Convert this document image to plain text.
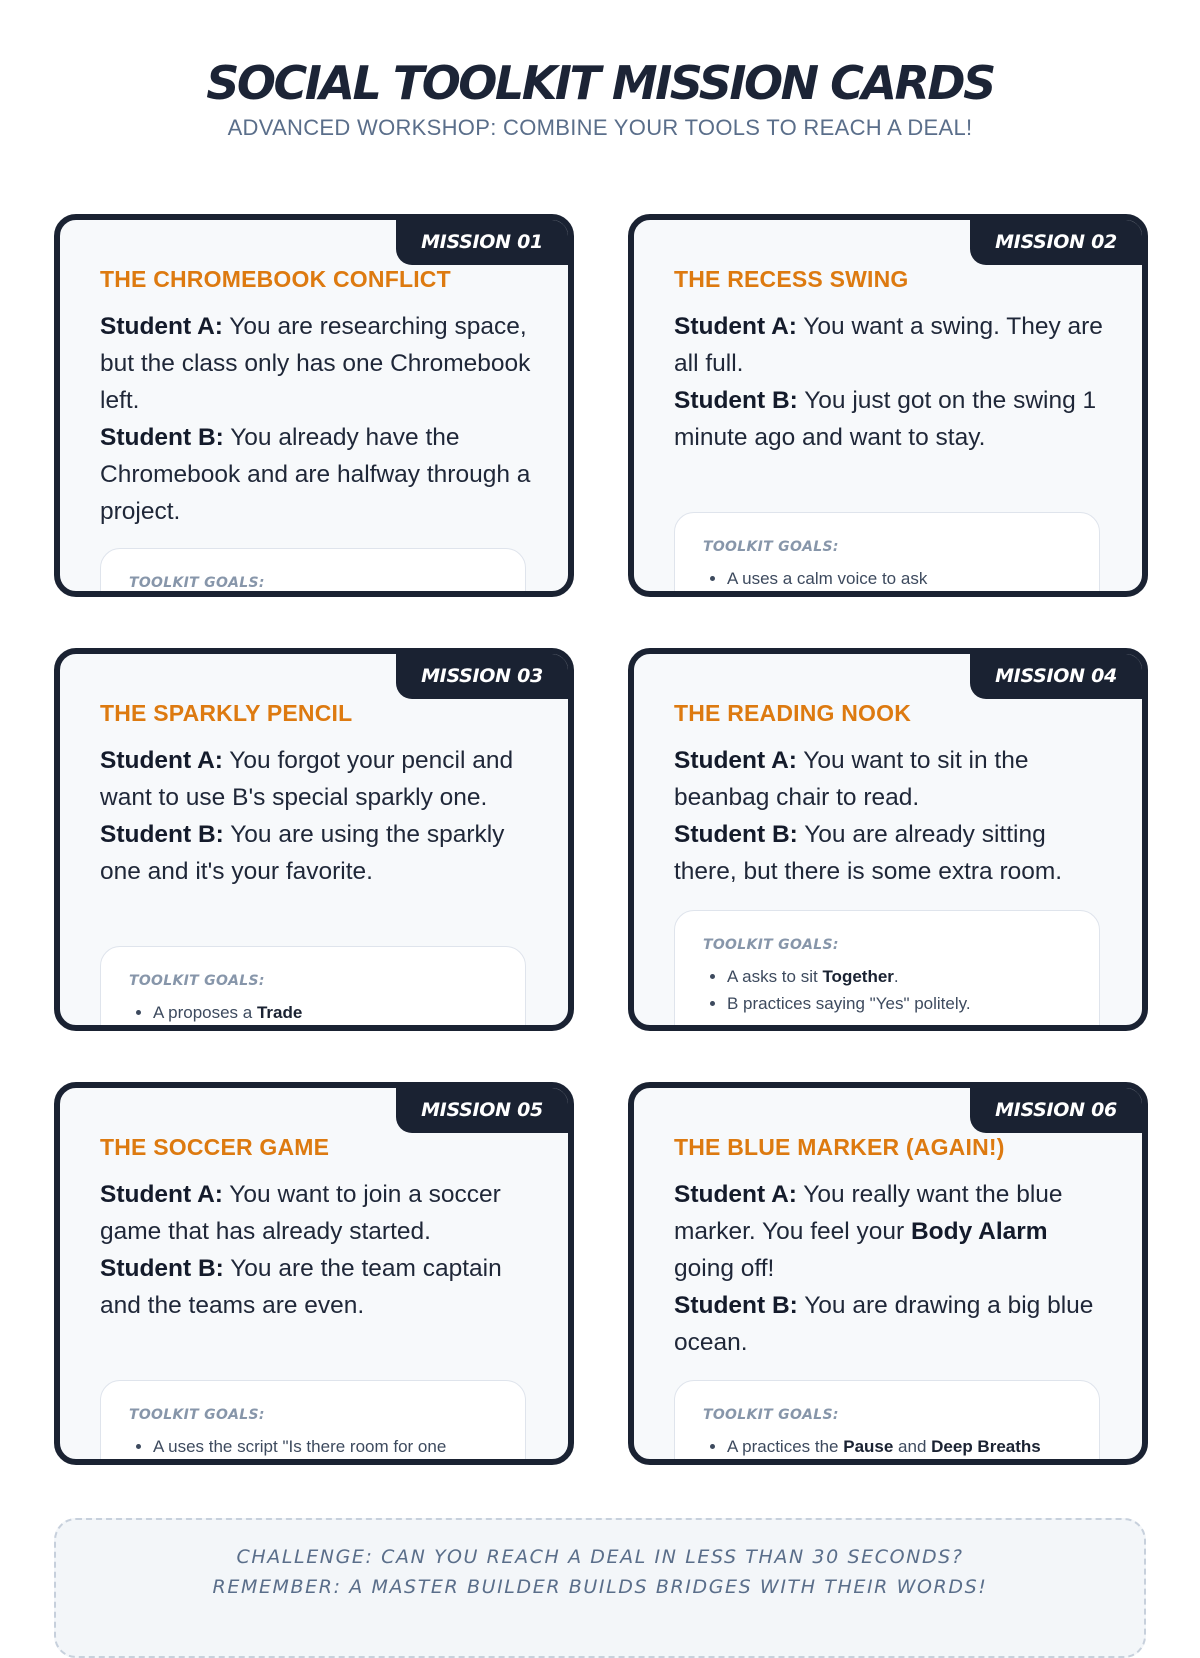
SOCIAL TOOLKIT MISSION CARDS
ADVANCED WORKSHOP: COMBINE YOUR TOOLS TO REACH A DEAL!
MISSION 01
THE CHROMEBOOK CONFLICT
Student A: You are researching space, but the class only has one Chromebook left.
Student B: You already have the Chromebook and are halfway through a project.
TOOLKIT GOALS:
MISSION 02
THE RECESS SWING
Student A: You want a swing. They are all full.
Student B: You just got on the swing 1 minute ago and want to stay.
TOOLKIT GOALS:
• A uses a calm voice to ask
MISSION 03
THE SPARKLY PENCIL
Student A: You forgot your pencil and want to use B's special sparkly one.
Student B: You are using the sparkly one and it's your favorite.
TOOLKIT GOALS:
• A proposes a Trade
MISSION 04
THE READING NOOK
Student A: You want to sit in the beanbag chair to read.
Student B: You are already sitting there, but there is some extra room.
TOOLKIT GOALS:
• A asks to sit Together.
• B practices saying "Yes" politely.
MISSION 05
THE SOCCER GAME
Student A: You want to join a soccer game that has already started.
Student B: You are the team captain and the teams are even.
TOOLKIT GOALS:
• A uses the script "Is there room for one
MISSION 06
THE BLUE MARKER (AGAIN!)
Student A: You really want the blue marker. You feel your Body Alarm going off!
Student B: You are drawing a big blue ocean.
TOOLKIT GOALS:
• A practices the Pause and Deep Breaths
CHALLENGE: CAN YOU REACH A DEAL IN LESS THAN 30 SECONDS?
REMEMBER: A MASTER BUILDER BUILDS BRIDGES WITH THEIR WORDS!
